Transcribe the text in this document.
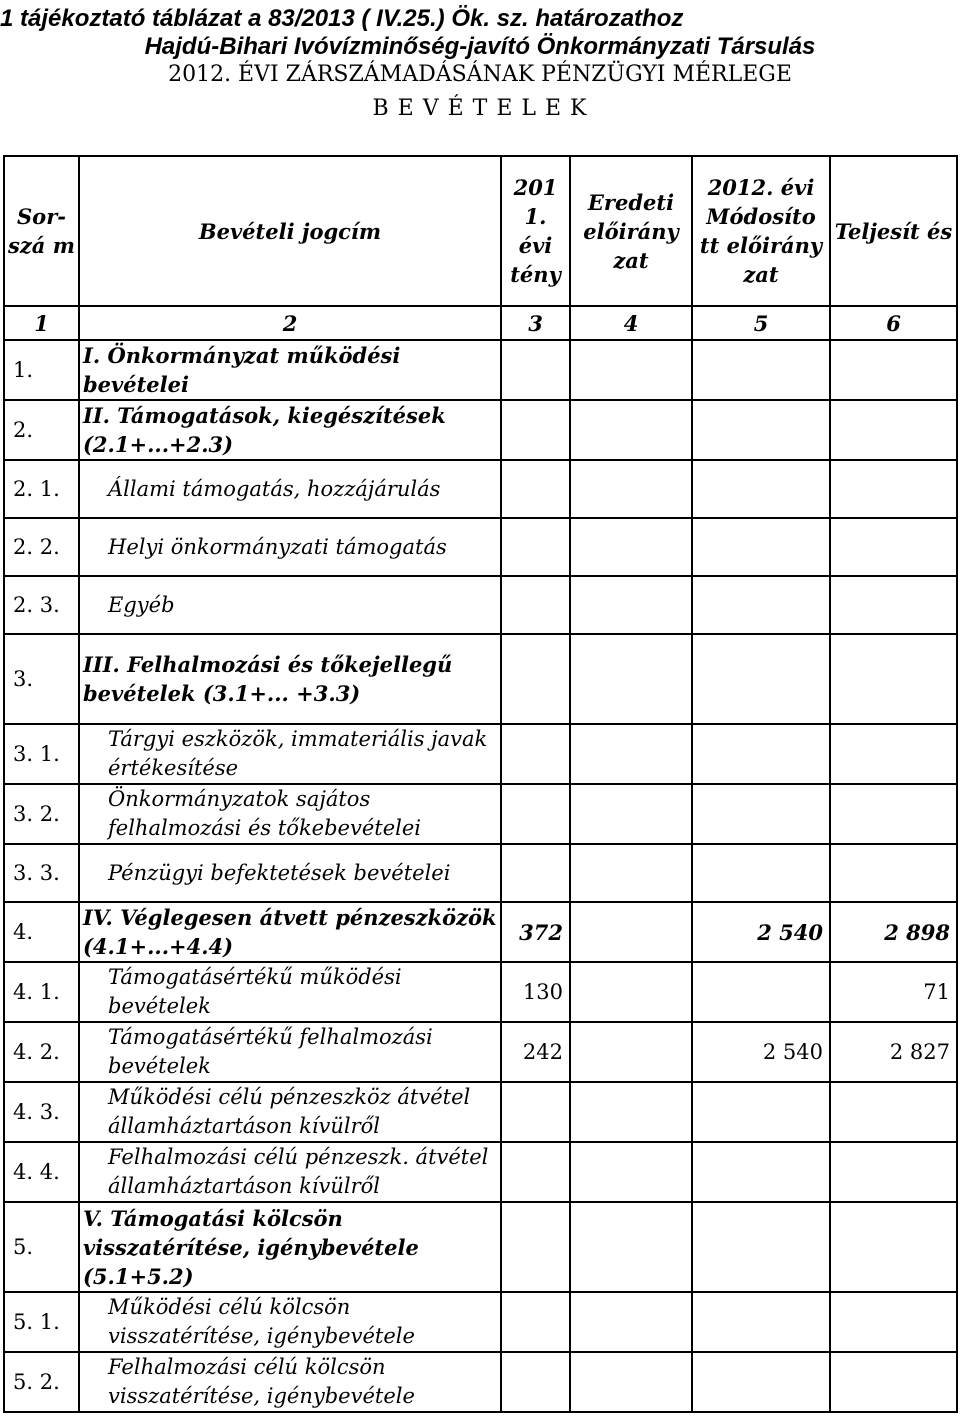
1 tájékoztató táblázat a 83/2013 ( IV.25.) Ök. sz. határozathoz
Hajdú-Bihari Ivóvízminőség-javító Önkormányzati Társulás
2012. ÉVI ZÁRSZÁMADÁSÁNAK PÉNZÜGYI MÉRLEGE
B E V É T E L E K
Sor- szá m	Bevételi jogcím	201 1. évi tény	Eredeti előirány zat	2012. évi Módosíto tt előirány zat	Teljesít és
1	2	3	4	5	6
1.	I. Önkormányzat működési bevételei				
2.	II. Támogatások, kiegészítések (2.1+...+2.3)				
2. 1.	Állami támogatás, hozzájárulás				
2. 2.	Helyi önkormányzati támogatás				
2. 3.	Egyéb				
3.	III. Felhalmozási és tőkejellegű bevételek (3.1+... +3.3)				
3. 1.	Tárgyi eszközök, immateriális javak értékesítése				
3. 2.	Önkormányzatok sajátos felhalmozási és tőkebevételei				
3. 3.	Pénzügyi befektetések bevételei				
4.	IV. Véglegesen átvett pénzeszközök (4.1+...+4.4)	372		2 540	2 898
4. 1.	Támogatásértékű működési bevételek	130			71
4. 2.	Támogatásértékű felhalmozási bevételek	242		2 540	2 827
4. 3.	Működési célú pénzeszköz átvétel államháztartáson kívülről				
4. 4.	Felhalmozási célú pénzeszk. átvétel államháztartáson kívülről				
5.	V. Támogatási kölcsön visszatérítése, igénybevétele (5.1+5.2)				
5. 1.	Működési célú kölcsön visszatérítése, igénybevétele				
5. 2.	Felhalmozási célú kölcsön visszatérítése, igénybevétele				
